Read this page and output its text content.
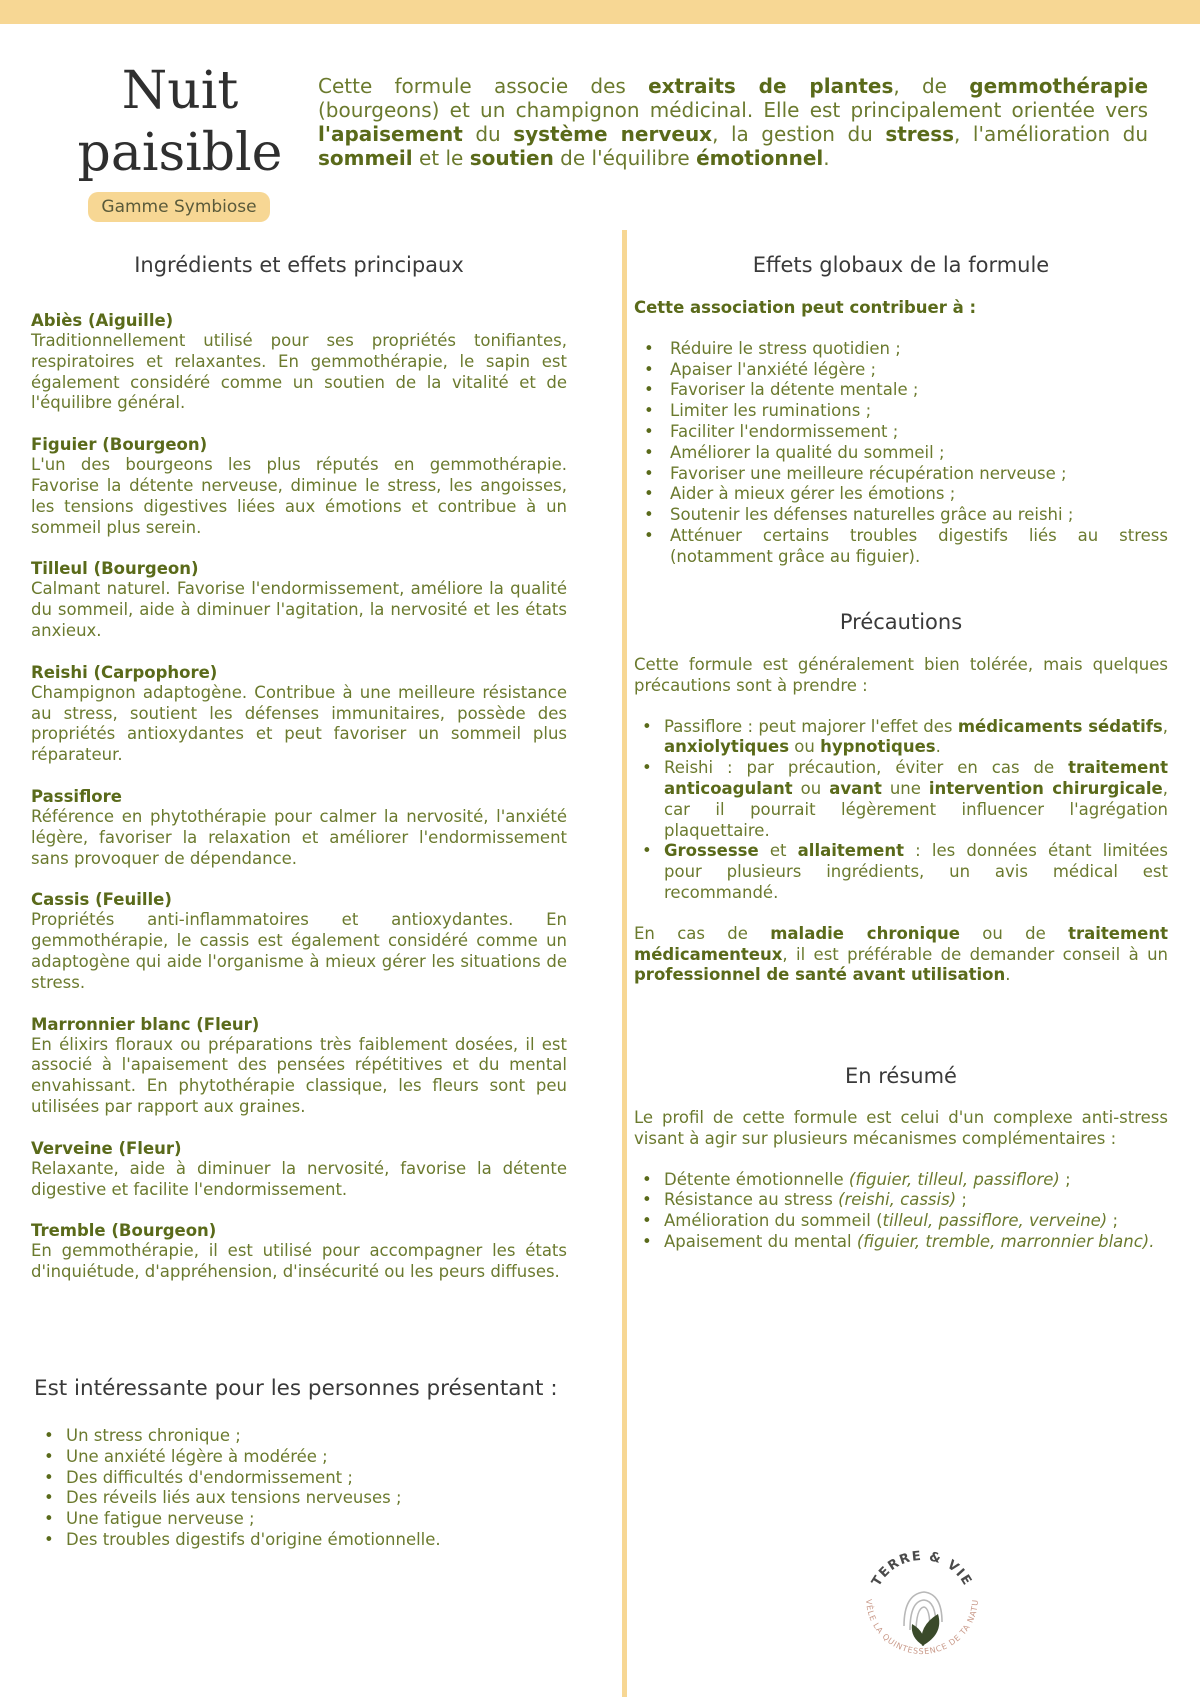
Nuit
paisible
Gamme Symbiose

Cette formule associe des extraits de plantes, de gemmothérapie (bourgeons) et un champignon médicinal. Elle est principalement orientée vers l'apaisement du système nerveux, la gestion du stress, l'amélioration du sommeil et le soutien de l'équilibre émotionnel.

Ingrédients et effets principaux
Abiès (Aiguille)
Traditionnellement utilisé pour ses propriétés tonifiantes, respiratoires et relaxantes. En gemmothérapie, le sapin est également considéré comme un soutien de la vitalité et de l'équilibre général.
Figuier (Bourgeon)
L'un des bourgeons les plus réputés en gemmothérapie. Favorise la détente nerveuse, diminue le stress, les angoisses, les tensions digestives liées aux émotions et contribue à un sommeil plus serein.
Tilleul (Bourgeon)
Calmant naturel. Favorise l'endormissement, améliore la qualité du sommeil, aide à diminuer l'agitation, la nervosité et les états anxieux.
Reishi (Carpophore)
Champignon adaptogène. Contribue à une meilleure résistance au stress, soutient les défenses immunitaires, possède des propriétés antioxydantes et peut favoriser un sommeil plus réparateur.
Passiflore
Référence en phytothérapie pour calmer la nervosité, l'anxiété légère, favoriser la relaxation et améliorer l'endormissement sans provoquer de dépendance.
Cassis (Feuille)
Propriétés anti-inflammatoires et antioxydantes. En gemmothérapie, le cassis est également considéré comme un adaptogène qui aide l'organisme à mieux gérer les situations de stress.
Marronnier blanc (Fleur)
En élixirs floraux ou préparations très faiblement dosées, il est associé à l'apaisement des pensées répétitives et du mental envahissant. En phytothérapie classique, les fleurs sont peu utilisées par rapport aux graines.
Verveine (Fleur)
Relaxante, aide à diminuer la nervosité, favorise la détente digestive et facilite l'endormissement.
Tremble (Bourgeon)
En gemmothérapie, il est utilisé pour accompagner les états d'inquiétude, d'appréhension, d'insécurité ou les peurs diffuses.
Est intéressante pour les personnes présentant :
• Un stress chronique ;
• Une anxiété légère à modérée ;
• Des difficultés d'endormissement ;
• Des réveils liés aux tensions nerveuses ;
• Une fatigue nerveuse ;
• Des troubles digestifs d'origine émotionnelle.
Effets globaux de la formule
Cette association peut contribuer à :
• Réduire le stress quotidien ;
• Apaiser l'anxiété légère ;
• Favoriser la détente mentale ;
• Limiter les ruminations ;
• Faciliter l'endormissement ;
• Améliorer la qualité du sommeil ;
• Favoriser une meilleure récupération nerveuse ;
• Aider à mieux gérer les émotions ;
• Soutenir les défenses naturelles grâce au reishi ;
• Atténuer certains troubles digestifs liés au stress (notamment grâce au figuier).
Précautions

Cette formule est généralement bien tolérée, mais quelques précautions sont à prendre :

• Passiflore : peut majorer l'effet des médicaments sédatifs, anxiolytiques ou hypnotiques.
• Reishi : par précaution, éviter en cas de traitement anticoagulant ou avant une intervention chirurgicale, car il pourrait légèrement influencer l'agrégation plaquettaire.
• Grossesse et allaitement : les données étant limitées pour plusieurs ingrédients, un avis médical est recommandé.

En cas de maladie chronique ou de traitement médicamenteux, il est préférable de demander conseil à un professionnel de santé avant utilisation.

En résumé

Le profil de cette formule est celui d'un complexe anti-stress visant à agir sur plusieurs mécanismes complémentaires :

• Détente émotionnelle (figuier, tilleul, passiflore) ;
• Résistance au stress (reishi, cassis) ;
• Amélioration du sommeil (tilleul, passiflore, verveine) ;
• Apaisement du mental (figuier, tremble, marronnier blanc).
TERRE & VIE
VÈLE LA QUINTESSENCE DE TA NATU
